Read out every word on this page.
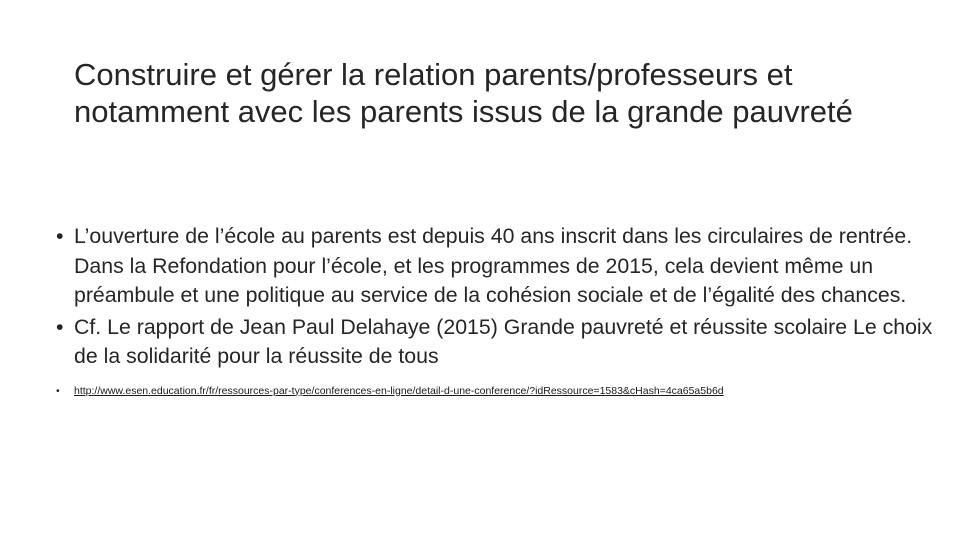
Construire et gérer la relation parents/professeurs et notamment avec les parents issus de la grande pauvreté
• L’ouverture de l’école au parents est depuis 40 ans inscrit dans les circulaires de rentrée. Dans la Refondation pour l’école, et les programmes de 2015, cela devient même un préambule et une politique au service de la cohésion sociale et de l’égalité des chances.
• Cf. Le rapport de Jean Paul Delahaye (2015) Grande pauvreté et réussite scolaire Le choix de la solidarité pour la réussite de tous
•	http://www.esen.education.fr/fr/ressources-par-type/conferences-en-ligne/detail-d-une-conference/?idRessource=1583&cHash=4ca65a5b6d
